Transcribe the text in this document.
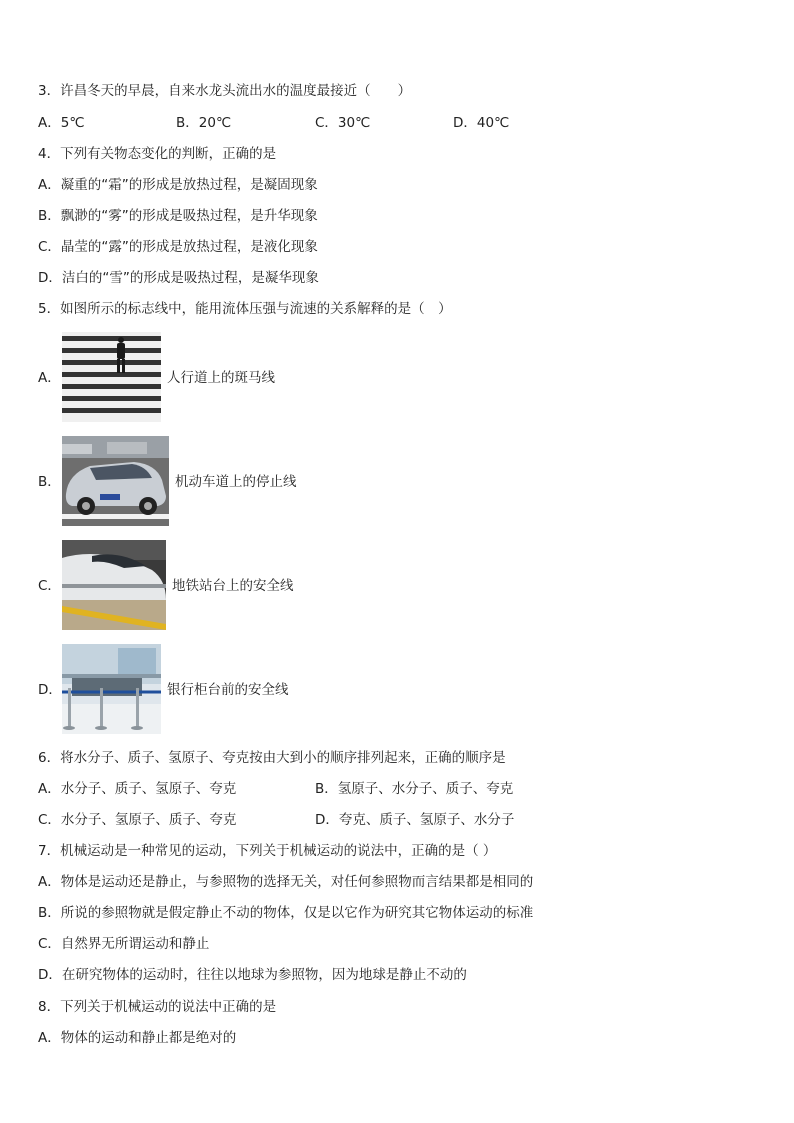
3．许昌冬天的早晨，自来水龙头流出水的温度最接近（　　）
A．5℃	B．20℃	C．30℃	D．40℃
4．下列有关物态变化的判断，正确的是
A．凝重的“霜”的形成是放热过程，是凝固现象
B．飘渺的“雾”的形成是吸热过程，是升华现象
C．晶莹的“露”的形成是放热过程，是液化现象
D．洁白的“雪”的形成是吸热过程，是凝华现象
5．如图所示的标志线中，能用流体压强与流速的关系解释的是（　）
A．	人行道上的斑马线
B．	机动车道上的停止线
C．	地铁站台上的安全线
D．	银行柜台前的安全线
6．将水分子、质子、氢原子、夸克按由大到小的顺序排列起来，正确的顺序是
A．水分子、质子、氢原子、夸克	B．氢原子、水分子、质子、夸克
C．水分子、氢原子、质子、夸克	D．夸克、质子、氢原子、水分子
7．机械运动是一种常见的运动，下列关于机械运动的说法中，正确的是（ ）
A．物体是运动还是静止，与参照物的选择无关，对任何参照物而言结果都是相同的
B．所说的参照物就是假定静止不动的物体，仅是以它作为研究其它物体运动的标准
C．自然界无所谓运动和静止
D．在研究物体的运动时，往往以地球为参照物，因为地球是静止不动的
8．下列关于机械运动的说法中正确的是
A．物体的运动和静止都是绝对的
